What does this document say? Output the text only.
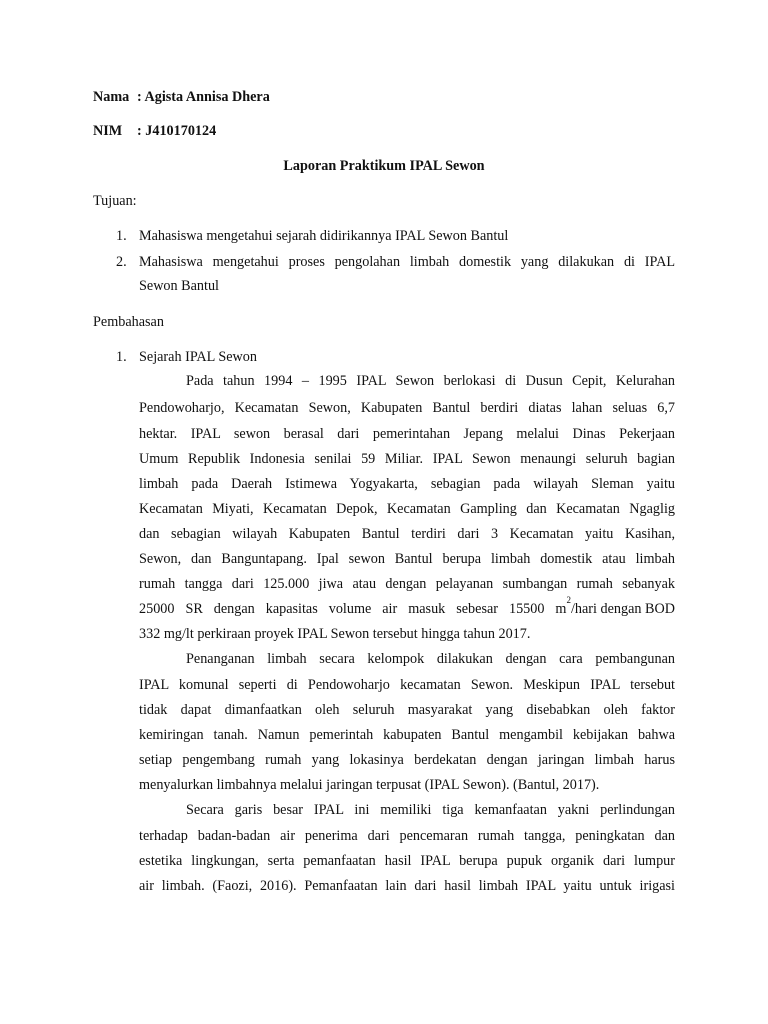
Nama : Agista Annisa Dhera
NIM : J410170124
Laporan Praktikum IPAL Sewon
Tujuan:
1. Mahasiswa mengetahui sejarah didirikannya IPAL Sewon Bantul
2. Mahasiswa mengetahui proses pengolahan limbah domestik yang dilakukan di IPAL
Sewon Bantul
Pembahasan
1. Sejarah IPAL Sewon
Pada tahun 1994 – 1995 IPAL Sewon berlokasi di Dusun Cepit, Kelurahan
Pendowoharjo, Kecamatan Sewon, Kabupaten Bantul berdiri diatas lahan seluas 6,7
hektar. IPAL sewon berasal dari pemerintahan Jepang melalui Dinas Pekerjaan
Umum Republik Indonesia senilai 59 Miliar. IPAL Sewon menaungi seluruh bagian
limbah pada Daerah Istimewa Yogyakarta, sebagian pada wilayah Sleman yaitu
Kecamatan Miyati, Kecamatan Depok, Kecamatan Gampling dan Kecamatan Ngaglig
dan sebagian wilayah Kabupaten Bantul terdiri dari 3 Kecamatan yaitu Kasihan,
Sewon, dan Banguntapang. Ipal sewon Bantul berupa limbah domestik atau limbah
rumah tangga dari 125.000 jiwa atau dengan pelayanan sumbangan rumah sebanyak
25000 SR dengan kapasitas volume air masuk sebesar 15500 m
2
/hari dengan BOD
332 mg/lt perkiraan proyek IPAL Sewon tersebut hingga tahun 2017.
Penanganan limbah secara kelompok dilakukan dengan cara pembangunan
IPAL komunal seperti di Pendowoharjo kecamatan Sewon. Meskipun IPAL tersebut
tidak dapat dimanfaatkan oleh seluruh masyarakat yang disebabkan oleh faktor
kemiringan tanah. Namun pemerintah kabupaten Bantul mengambil kebijakan bahwa
setiap pengembang rumah yang lokasinya berdekatan dengan jaringan limbah harus
menyalurkan limbahnya melalui jaringan terpusat (IPAL Sewon). (Bantul, 2017).
Secara garis besar IPAL ini memiliki tiga kemanfaatan yakni perlindungan
terhadap badan-badan air penerima dari pencemaran rumah tangga, peningkatan dan
estetika lingkungan, serta pemanfaatan hasil IPAL berupa pupuk organik dari lumpur
air limbah. (Faozi, 2016). Pemanfaatan lain dari hasil limbah IPAL yaitu untuk irigasi
